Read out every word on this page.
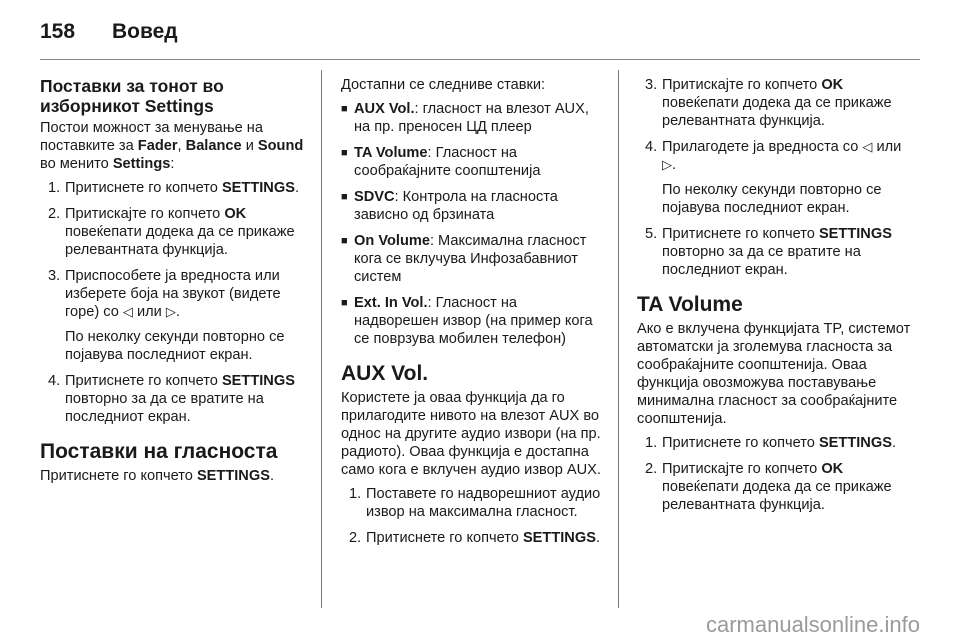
158	Вовед
Поставки за тонот во изборникот Settings

Постои можност за менување на поставките за Fader, Balance и Sound во менито Settings:

1. Притиснете го копчето SETTINGS.
2. Притискајте го копчето OK повеќепати додека да се прикаже релевантната функција.
3. Приспособете ја вредноста или изберете боја на звукот (видете горе) со ◁ или ▷.

По неколку секунди повторно се појавува последниот екран.

4. Притиснете го копчето SETTINGS повторно за да се вратите на последниот екран.
Поставки на гласноста

Притиснете го копчето SETTINGS.

Достапни се следниве ставки:

■ AUX Vol.: гласност на влезот AUX, на пр. преносен ЦД плеер
■ TA Volume: Гласност на сообраќајните соопштенија
■ SDVC: Контрола на гласноста зависно од брзината
■ On Volume: Максимална гласност кога се вклучува Инфозабавниот систем
■ Ext. In Vol.: Гласност на надворешен извор (на пример кога се поврзува мобилен телефон)
AUX Vol.

Користете ја оваа функција да го прилагодите нивото на влезот AUX во однос на другите аудио извори (на пр. радиото). Оваа функција е достапна само кога е вклучен аудио извор AUX.

1. Поставете го надворешниот аудио извор на максимална гласност.
2. Притиснете го копчето SETTINGS.
3. Притискајте го копчето OK повеќепати додека да се прикаже релевантната функција.
4. Прилагодете ја вредноста со ◁ или ▷.

По неколку секунди повторно се појавува последниот екран.

5. Притиснете го копчето SETTINGS повторно за да се вратите на последниот екран.
TA Volume

Ако е вклучена функцијата TP, системот автоматски ја зголемува гласноста за сообраќајните соопштенија. Оваа функција овозможува поставување минимална гласност за сообраќајните соопштенија.

1. Притиснете го копчето SETTINGS.
2. Притискајте го копчето OK повеќепати додека да се прикаже релевантната функција.
carmanualsonline.info
